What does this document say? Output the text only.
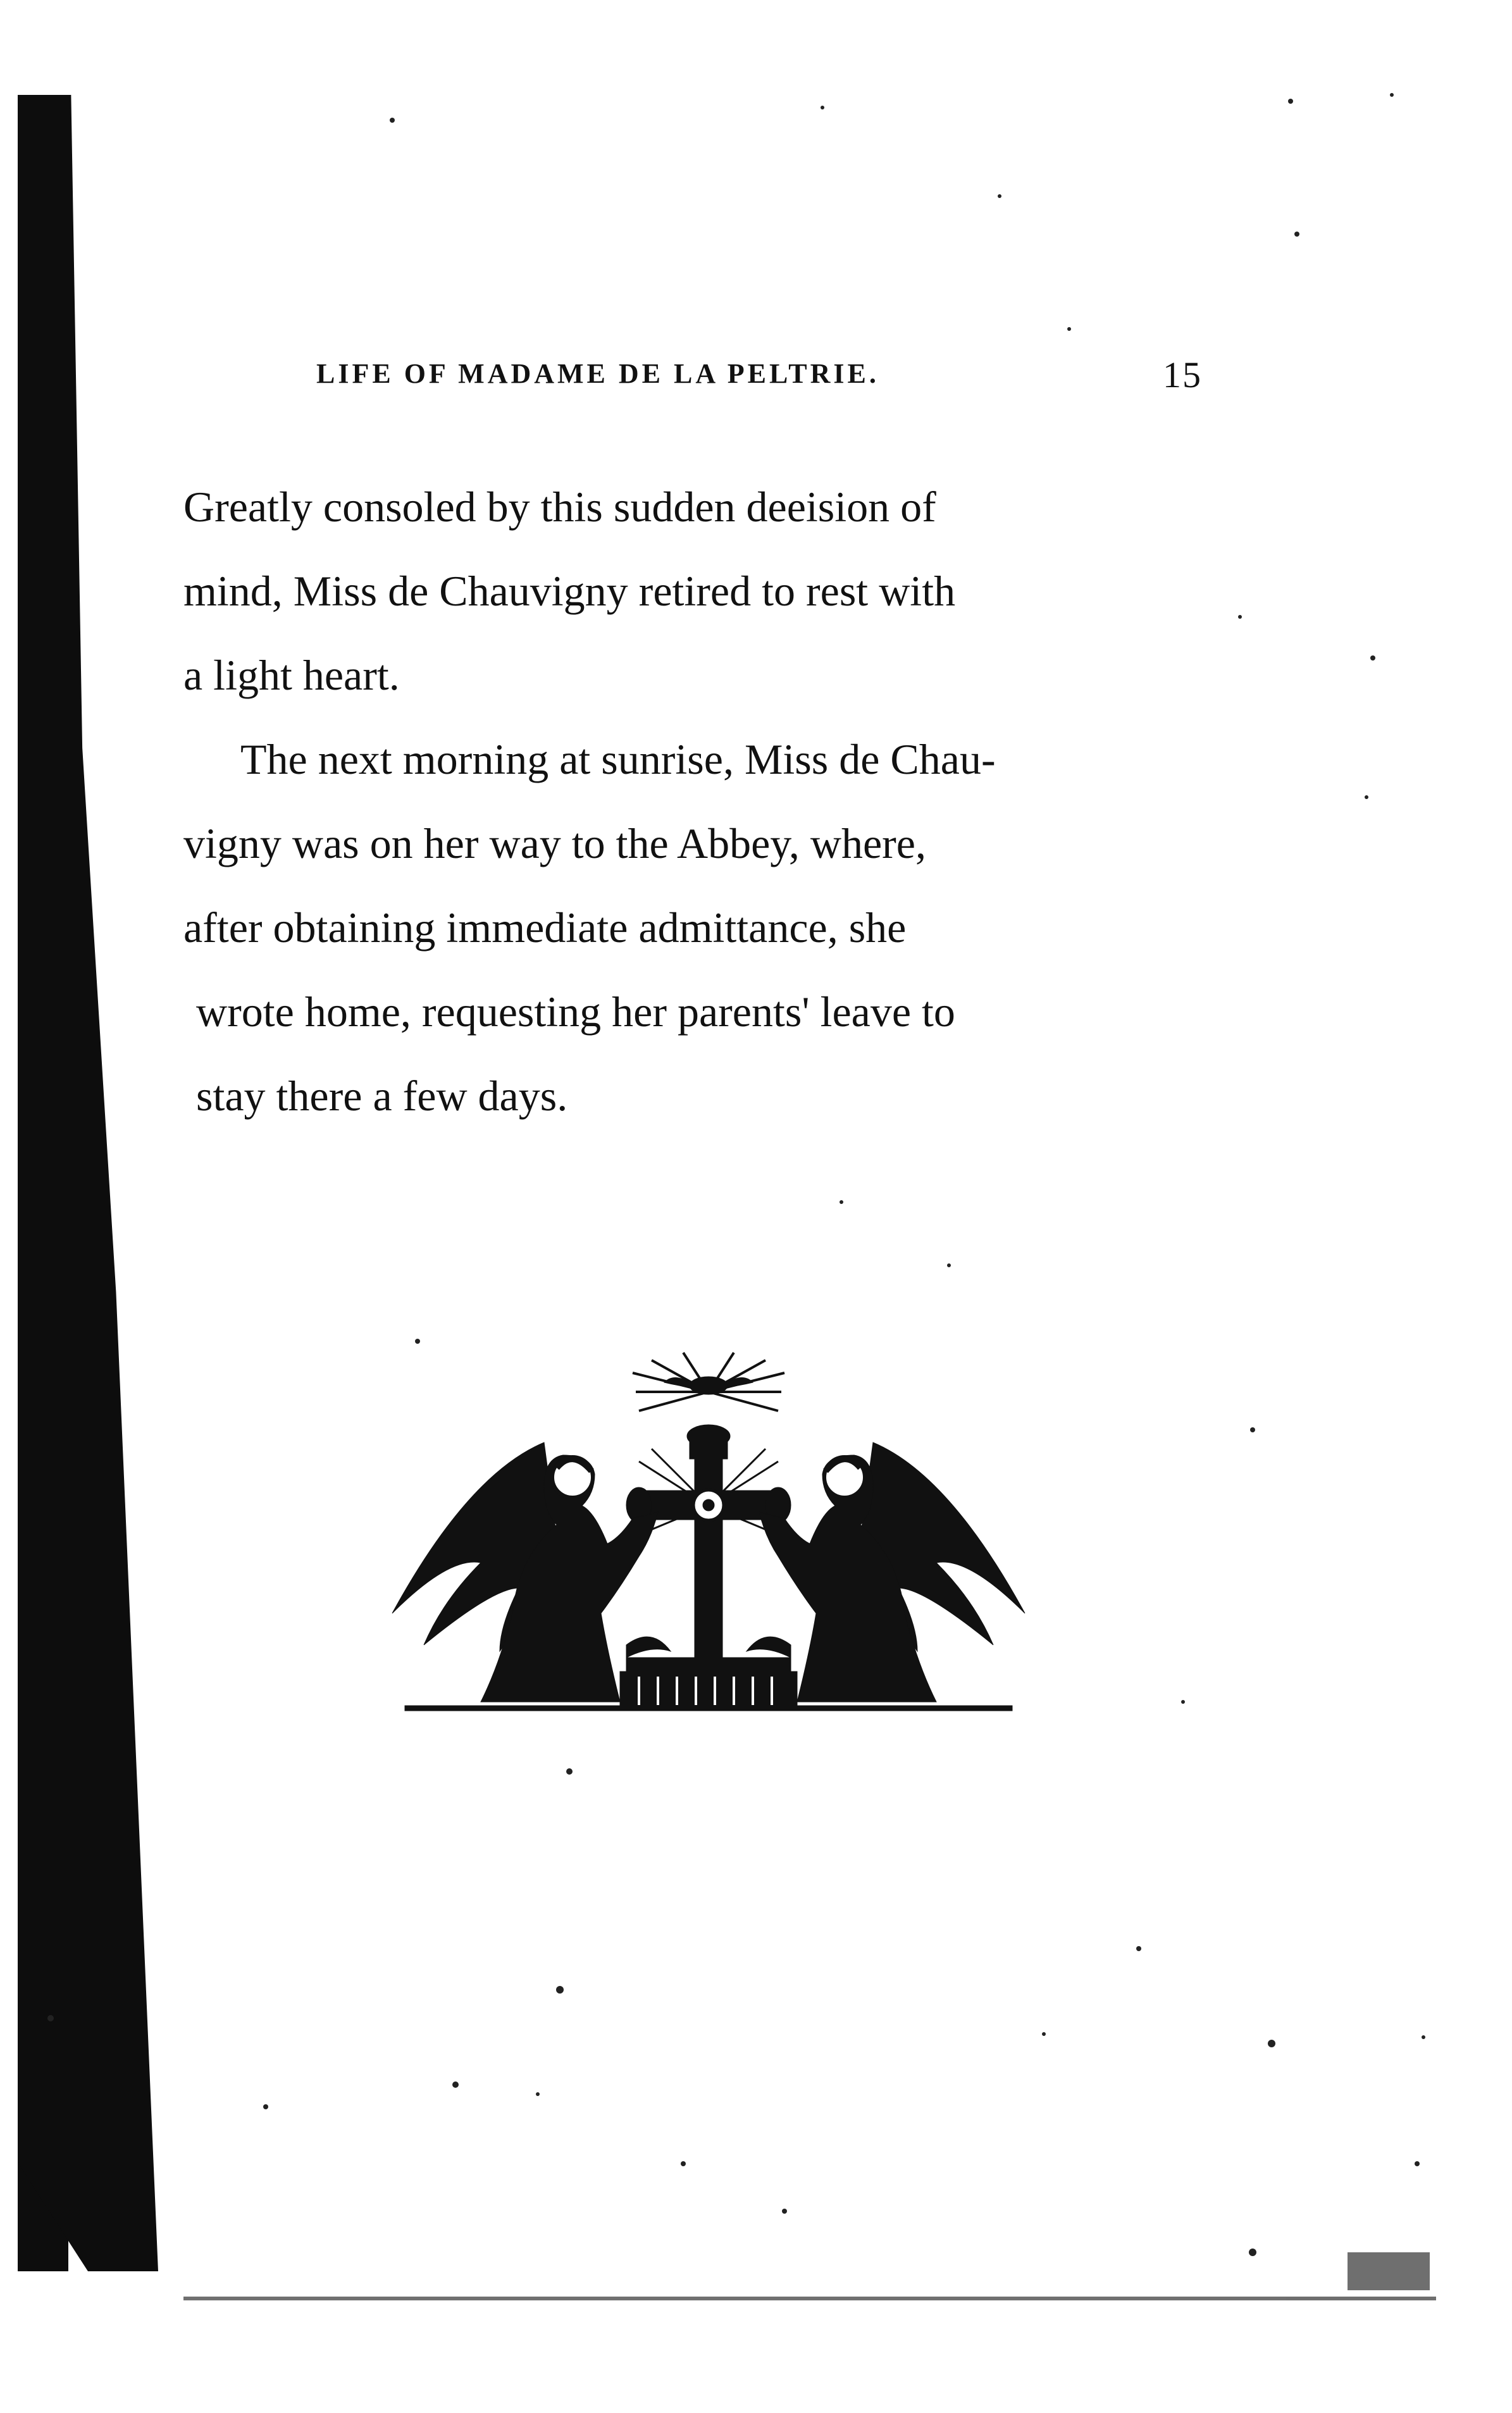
LIFE OF MADAME DE LA PELTRIE.	15

Greatly consoled by this sudden deeision of
mind, Miss de Chauvigny retired to rest with
a light heart.

The next morning at sunrise, Miss de Chau-
vigny was on her way to the Abbey, where,
after obtaining immediate admittance, she
wrote home, requesting her parents' leave to
stay there a few days.
